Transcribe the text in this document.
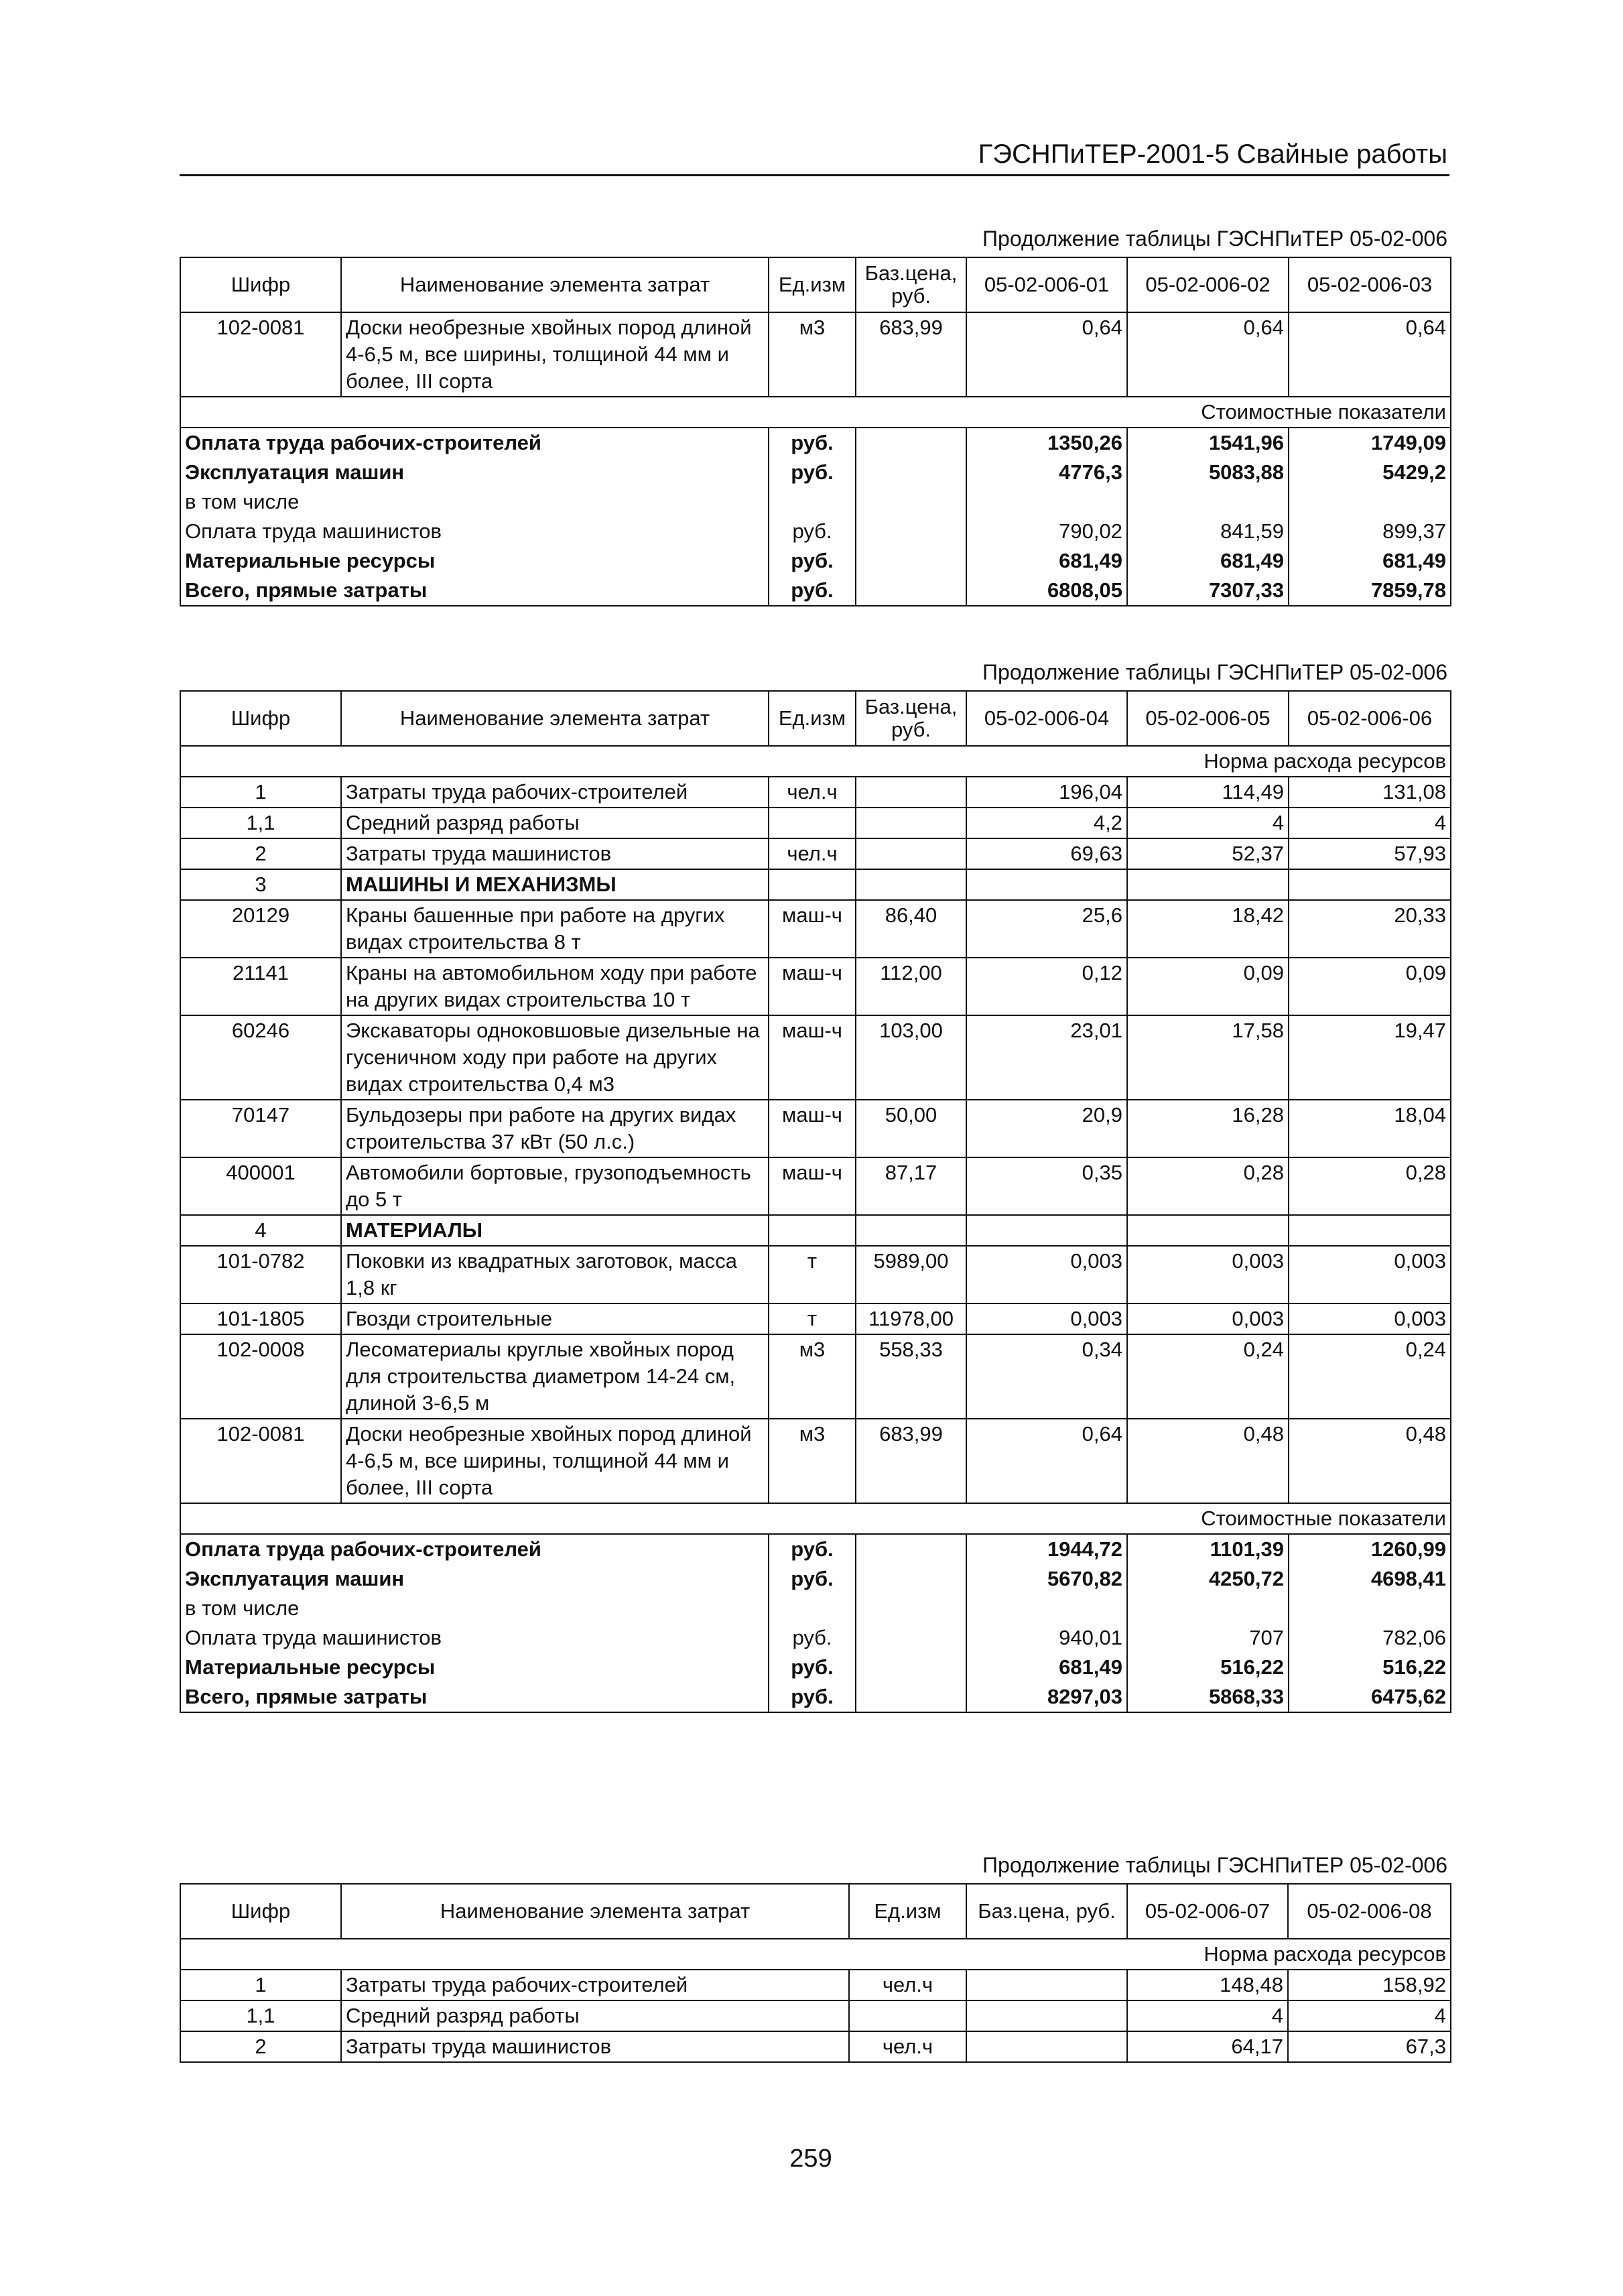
ГЭСНПиТЕР-2001-5 Свайные работы
Продолжение таблицы ГЭСНПиТЕР 05-02-006
Шифр	Наименование элемента затрат	Ед.изм	Баз.цена, руб.	05-02-006-01	05-02-006-02	05-02-006-03
102-0081	Доски необрезные хвойных пород длиной 4-6,5 м, все ширины, толщиной 44 мм и более, III сорта	м3	683,99	0,64	0,64	0,64
Стоимостные показатели						
Оплата труда рабочих-строителей		руб.		1350,26	1541,96	1749,09
Эксплуатация машин		руб.		4776,3	5083,88	5429,2
в том числе						
Оплата труда машинистов		руб.		790,02	841,59	899,37
Материальные ресурсы		руб.		681,49	681,49	681,49
Всего, прямые затраты		руб.		6808,05	7307,33	7859,78
Продолжение таблицы ГЭСНПиТЕР 05-02-006
Шифр	Наименование элемента затрат	Ед.изм	Баз.цена, руб.	05-02-006-04	05-02-006-05	05-02-006-06
Норма расхода ресурсов						
1	Затраты труда рабочих-строителей	чел.ч		196,04	114,49	131,08
1,1	Средний разряд работы			4,2	4	4
2	Затраты труда машинистов	чел.ч		69,63	52,37	57,93
3	МАШИНЫ И МЕХАНИЗМЫ					
20129	Краны башенные при работе на других видах строительства 8 т	маш-ч	86,40	25,6	18,42	20,33
21141	Краны на автомобильном ходу при работе на других видах строительства 10 т	маш-ч	112,00	0,12	0,09	0,09
60246	Экскаваторы одноковшовые дизельные на гусеничном ходу при работе на других видах строительства 0,4 м3	маш-ч	103,00	23,01	17,58	19,47
70147	Бульдозеры при работе на других видах строительства 37 кВт (50 л.с.)	маш-ч	50,00	20,9	16,28	18,04
400001	Автомобили бортовые, грузоподъемность до 5 т	маш-ч	87,17	0,35	0,28	0,28
4	МАТЕРИАЛЫ					
101-0782	Поковки из квадратных заготовок, масса 1,8 кг	т	5989,00	0,003	0,003	0,003
101-1805	Гвозди строительные	т	11978,00	0,003	0,003	0,003
102-0008	Лесоматериалы круглые хвойных пород для строительства диаметром 14-24 см, длиной 3-6,5 м	м3	558,33	0,34	0,24	0,24
102-0081	Доски необрезные хвойных пород длиной 4-6,5 м, все ширины, толщиной 44 мм и более, III сорта	м3	683,99	0,64	0,48	0,48
Стоимостные показатели						
Оплата труда рабочих-строителей		руб.		1944,72	1101,39	1260,99
Эксплуатация машин		руб.		5670,82	4250,72	4698,41
в том числе						
Оплата труда машинистов		руб.		940,01	707	782,06
Материальные ресурсы		руб.		681,49	516,22	516,22
Всего, прямые затраты		руб.		8297,03	5868,33	6475,62
Продолжение таблицы ГЭСНПиТЕР 05-02-006
Шифр	Наименование элемента затрат	Ед.изм	Баз.цена, руб.	05-02-006-07	05-02-006-08
Норма расхода ресурсов					
1	Затраты труда рабочих-строителей	чел.ч		148,48	158,92
1,1	Средний разряд работы			4	4
2	Затраты труда машинистов	чел.ч		64,17	67,3
259
